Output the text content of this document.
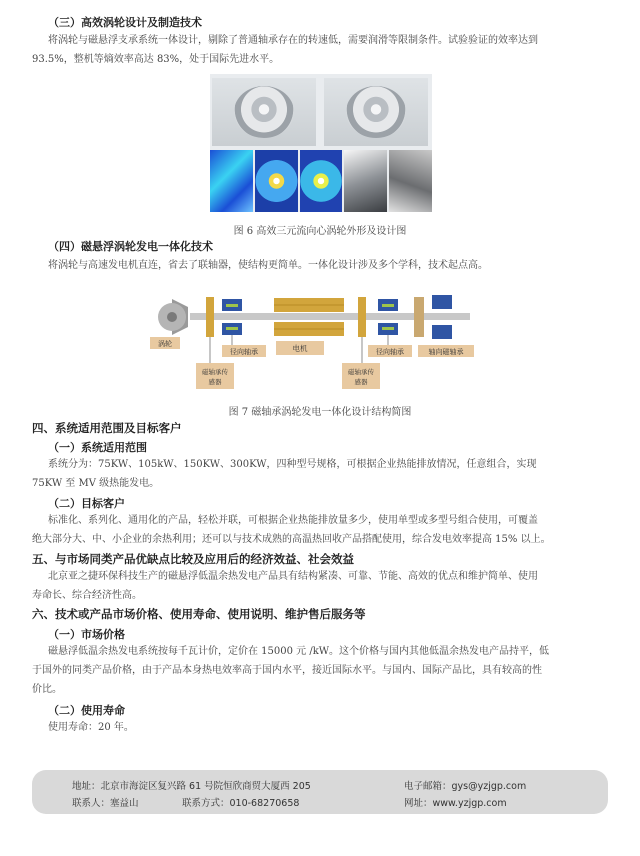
（三）高效涡轮设计及制造技术
将涡轮与磁悬浮支承系统一体设计，剔除了普通轴承存在的转速低，需要润滑等限制条件。试验验证的效率达到
93.5%，整机等熵效率高达 83%，处于国际先进水平。
图 6 高效三元流向心涡轮外形及设计图
（四）磁悬浮涡轮发电一体化技术
将涡轮与高速发电机直连，省去了联轴器，使结构更简单。一体化设计涉及多个学科，技术起点高。
涡轮
径向轴承	电机	径向轴承	轴向磁轴承
磁轴承传
感器
磁轴承传
感器
图 7 磁轴承涡轮发电一体化设计结构简图
四、系统适用范围及目标客户
（一）系统适用范围
系统分为：75KW、105kW、150KW、300KW，四种型号规格，可根据企业热能排放情况，任意组合，实现
75KW 至 MV 级热能发电。
（二）目标客户
标准化、系列化、通用化的产品，轻松并联，可根据企业热能排放量多少，使用单型或多型号组合使用，可覆盖
绝大部分大、中、小企业的余热利用；还可以与技术成熟的高温热回收产品搭配使用，综合发电效率提高 15% 以上。
五、与市场同类产品优缺点比较及应用后的经济效益、社会效益
北京亚之捷环保科技生产的磁悬浮低温余热发电产品具有结构紧凑、可靠、节能、高效的优点和维护简单、使用
寿命长、综合经济性高。
六、技术或产品市场价格、使用寿命、使用说明、维护售后服务等
（一）市场价格
磁悬浮低温余热发电系统按每千瓦计价，定价在 15000 元 /kW。这个价格与国内其他低温余热发电产品持平，低
于国外的同类产品价格，由于产品本身热电效率高于国内水平，接近国际水平。与国内、国际产品比，具有较高的性
价比。
（二）使用寿命
使用寿命：20 年。
地址：北京市海淀区复兴路 61 号院恒欣商贸大厦西 205
联系人：塞益山	联系方式：010-68270658
电子邮箱：gys@yzjgp.com
网址：www.yzjgp.com
